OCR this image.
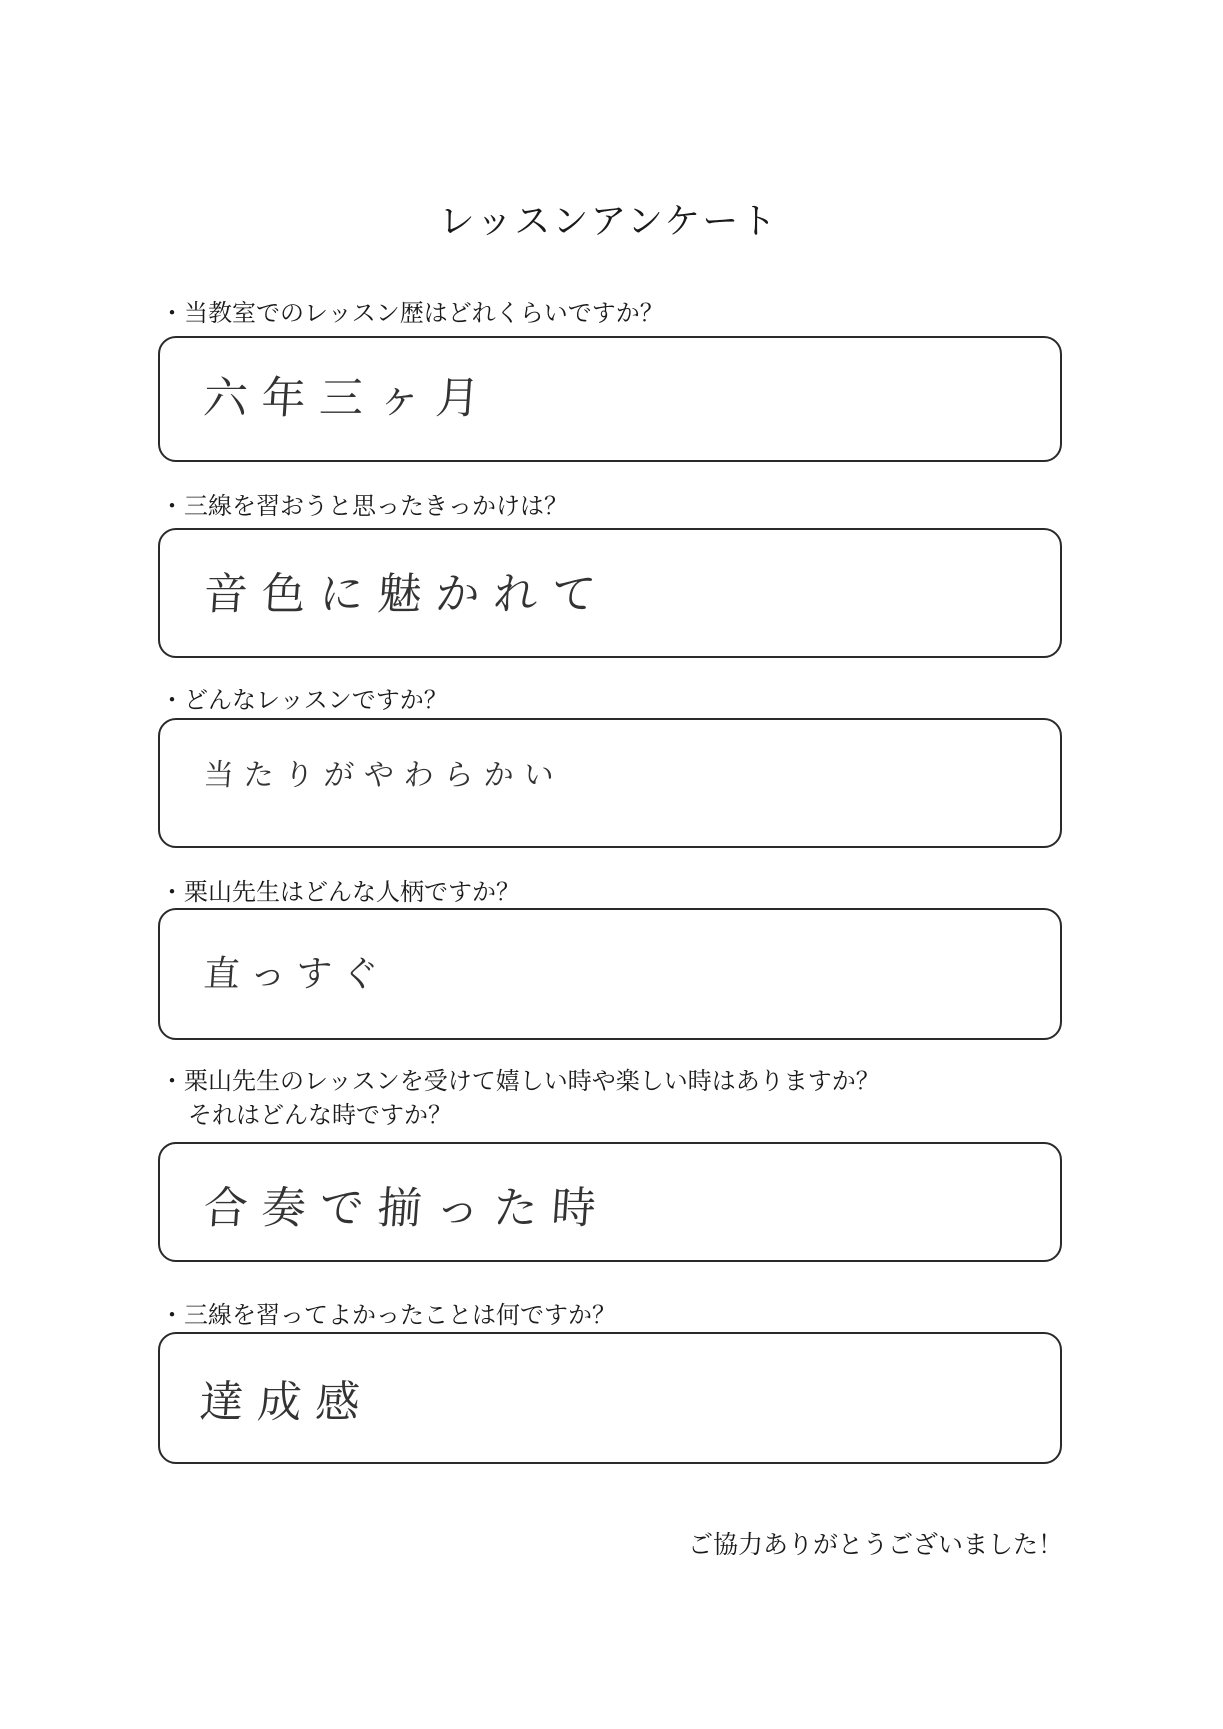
レッスンアンケート
・当教室でのレッスン歴はどれくらいですか？
六年三ヶ月
・三線を習おうと思ったきっかけは？
音色に魅かれて
・どんなレッスンですか？
当たりがやわらかい
・栗山先生はどんな人柄ですか？
直っすぐ
・栗山先生のレッスンを受けて嬉しい時や楽しい時はありますか？
それはどんな時ですか？
合奏で揃った時
・三線を習ってよかったことは何ですか？
達成感
ご協力ありがとうございました！
